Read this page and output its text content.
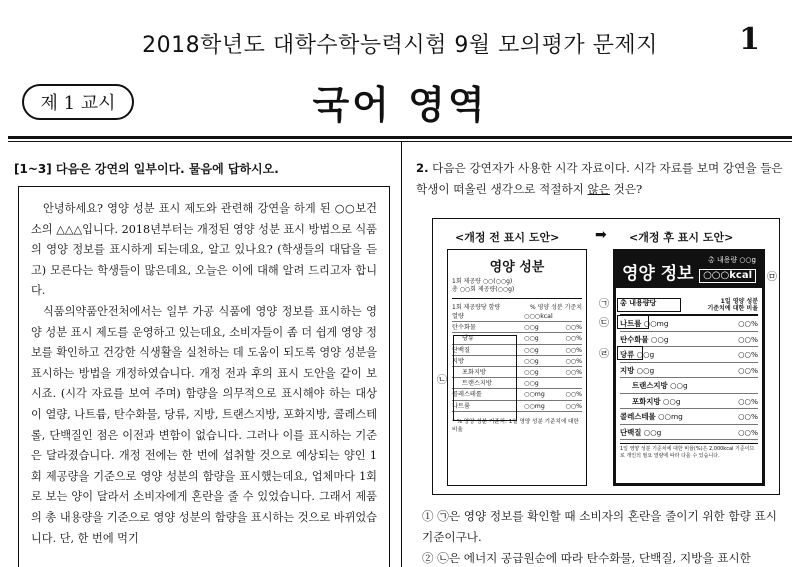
2018학년도 대학수학능력시험 9월 모의평가 문제지	1
제 1 교시	국어 영역
[1~3] 다음은 강연의 일부이다. 물음에 답하시오.

안녕하세요? 영양 성분 표시 제도와 관련해 강연을 하게 된 ○○보건소의 △△△입니다. 2018년부터는 개정된 영양 성분 표시 방법으로 식품의 영양 정보를 표시하게 되는데요, 알고 있나요? (학생들의 대답을 듣고) 모른다는 학생들이 많은데요, 오늘은 이에 대해 알려 드리고자 합니다.

식품의약품안전처에서는 일부 가공 식품에 영양 정보를 표시하는 영양 성분 표시 제도를 운영하고 있는데요, 소비자들이 좀 더 쉽게 영양 정보를 확인하고 건강한 식생활을 실천하는 데 도움이 되도록 영양 성분을 표시하는 방법을 개정하였습니다. 개정 전과 후의 표시 도안을 같이 보시죠. (시각 자료를 보여 주며) 함량을 의무적으로 표시해야 하는 대상이 열량, 나트륨, 탄수화물, 당류, 지방, 트랜스지방, 포화지방, 콜레스테롤, 단백질인 점은 이전과 변함이 없습니다. 그러나 이를 표시하는 기준은 달라졌습니다. 개정 전에는 한 번에 섭취할 것으로 예상되는 양인 1회 제공량을 기준으로 영양 성분의 함량을 표시했는데요, 업체마다 1회로 보는 양이 달라서 소비자에게 혼란을 줄 수 있었습니다. 그래서 제품의 총 내용량을 기준으로 영양 성분의 함량을 표시하는 것으로 바뀌었습니다. 단, 한 번에 먹기

2. 다음은 강연자가 사용한 시각 자료이다. 시각 자료를 보며 강연을 들은 학생이 떠올린 생각으로 적절하지 않은 것은?
<개정 전 표시 도안>	➡ <개정 후 표시 도안>
영양 성분
1회 제공량 ○○(○○g)
총 ○○회 제공량(○○g)
1회 제공량당 함량	% 영양 성분 기준치
열량	○○○kcal
탄수화물	○○g	○○%
당류	○○g	○○%
단백질	○○g	○○%
지방	○○g	○○%
포화지방	○○g	○○%
트랜스지방	○○g
콜레스테롤	○○mg	○○%
나트륨	○○mg	○○%
* % 영양 성분 기준치: 1일 영양 성분 기준치에 대한 비율
㉡
영양 정보
총 내용량 ○○g
○○○kcal
총 내용량당	1일 영양 성분
기준치에 대한 비율
나트륨 ○○mg	○○%
탄수화물 ○○g	○○%
당류 ○○g	○○%
지방 ○○g	○○%
트랜스지방 ○○g
포화지방 ○○g	○○%
콜레스테롤 ○○mg	○○%
단백질 ○○g	○○%
1일 영양 성분 기준치에 대한 비율(%)은 2,000kcal 기준이므로 개인의 필요 열량에 따라 다를 수 있습니다.
㉠
㉢
㉣
㉤
① ㉠은 영양 정보를 확인할 때 소비자의 혼란을 줄이기 위한 함량 표시 기준이구나.
② ㉡은 에너지 공급원순에 따라 탄수화물, 단백질, 지방을 표시한
